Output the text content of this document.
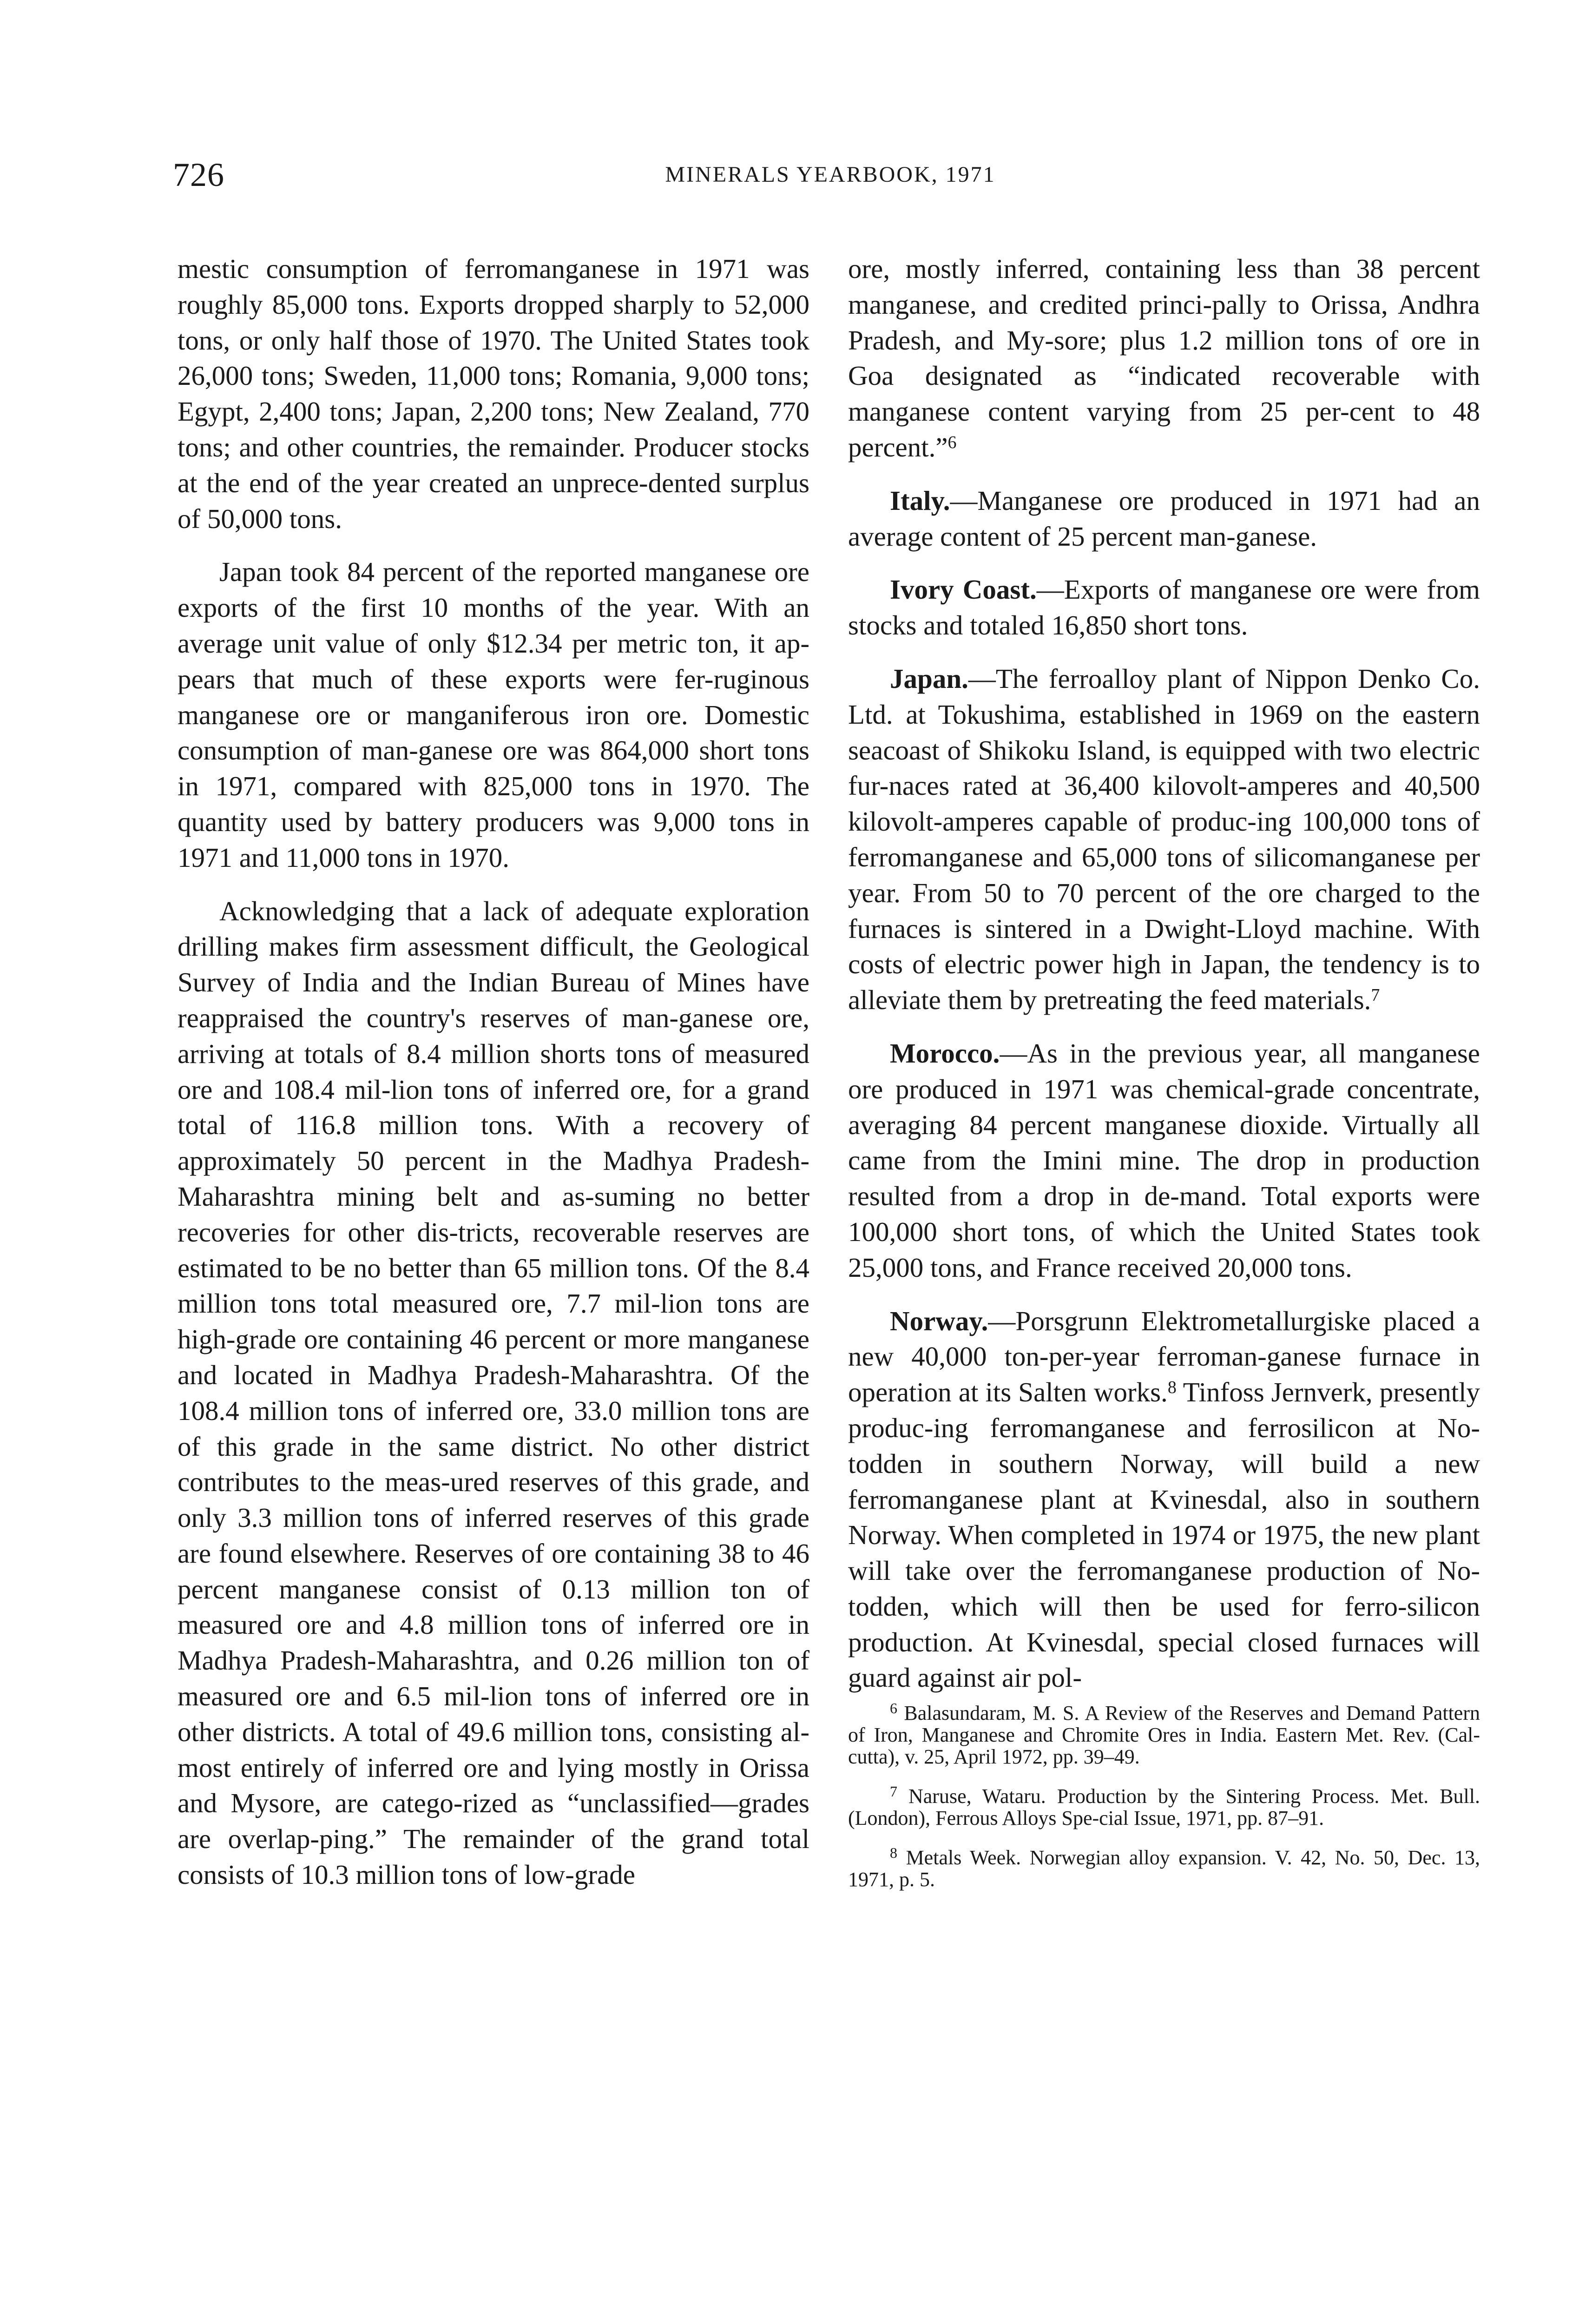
726	MINERALS YEARBOOK, 1971

mestic consumption of ferromanganese in 1971 was roughly 85,000 tons. Exports dropped sharply to 52,000 tons, or only half those of 1970. The United States took 26,000 tons; Sweden, 11,000 tons; Romania, 9,000 tons; Egypt, 2,400 tons; Japan, 2,200 tons; New Zealand, 770 tons; and other countries, the remainder. Producer stocks at the end of the year created an unprece-dented surplus of 50,000 tons.

Japan took 84 percent of the reported manganese ore exports of the first 10 months of the year. With an average unit value of only $12.34 per metric ton, it ap-pears that much of these exports were fer-ruginous manganese ore or manganiferous iron ore. Domestic consumption of man-ganese ore was 864,000 short tons in 1971, compared with 825,000 tons in 1970. The quantity used by battery producers was 9,000 tons in 1971 and 11,000 tons in 1970.

Acknowledging that a lack of adequate exploration drilling makes firm assessment difficult, the Geological Survey of India and the Indian Bureau of Mines have reappraised the country's reserves of man-ganese ore, arriving at totals of 8.4 million shorts tons of measured ore and 108.4 mil-lion tons of inferred ore, for a grand total of 116.8 million tons. With a recovery of approximately 50 percent in the Madhya Pradesh-Maharashtra mining belt and as-suming no better recoveries for other dis-tricts, recoverable reserves are estimated to be no better than 65 million tons. Of the 8.4 million tons total measured ore, 7.7 mil-lion tons are high-grade ore containing 46 percent or more manganese and located in Madhya Pradesh-Maharashtra. Of the 108.4 million tons of inferred ore, 33.0 million tons are of this grade in the same district. No other district contributes to the meas-ured reserves of this grade, and only 3.3 million tons of inferred reserves of this grade are found elsewhere. Reserves of ore containing 38 to 46 percent manganese consist of 0.13 million ton of measured ore and 4.8 million tons of inferred ore in Madhya Pradesh-Maharashtra, and 0.26 million ton of measured ore and 6.5 mil-lion tons of inferred ore in other districts. A total of 49.6 million tons, consisting al-most entirely of inferred ore and lying mostly in Orissa and Mysore, are catego-rized as “unclassified—grades are overlap-ping.” The remainder of the grand total consists of 10.3 million tons of low-grade

ore, mostly inferred, containing less than 38 percent manganese, and credited princi-pally to Orissa, Andhra Pradesh, and My-sore; plus 1.2 million tons of ore in Goa designated as “indicated recoverable with manganese content varying from 25 per-cent to 48 percent.”$^6$

Italy.—Manganese ore produced in 1971 had an average content of 25 percent man-ganese.

Ivory Coast.—Exports of manganese ore were from stocks and totaled 16,850 short tons.

Japan.—The ferroalloy plant of Nippon Denko Co. Ltd. at Tokushima, established in 1969 on the eastern seacoast of Shikoku Island, is equipped with two electric fur-naces rated at 36,400 kilovolt-amperes and 40,500 kilovolt-amperes capable of produc-ing 100,000 tons of ferromanganese and 65,000 tons of silicomanganese per year. From 50 to 70 percent of the ore charged to the furnaces is sintered in a Dwight-Lloyd machine. With costs of electric power high in Japan, the tendency is to alleviate them by pretreating the feed materials.$^7$

Morocco.—As in the previous year, all manganese ore produced in 1971 was chemical-grade concentrate, averaging 84 percent manganese dioxide. Virtually all came from the Imini mine. The drop in production resulted from a drop in de-mand. Total exports were 100,000 short tons, of which the United States took 25,000 tons, and France received 20,000 tons.

Norway.—Porsgrunn Elektrometallurgiske placed a new 40,000 ton-per-year ferroman-ganese furnace in operation at its Salten works.$^8$ Tinfoss Jernverk, presently produc-ing ferromanganese and ferrosilicon at No-todden in southern Norway, will build a new ferromanganese plant at Kvinesdal, also in southern Norway. When completed in 1974 or 1975, the new plant will take over the ferromanganese production of No-todden, which will then be used for ferro-silicon production. At Kvinesdal, special closed furnaces will guard against air pol-

$^6$ Balasundaram, M. S. A Review of the Reserves and Demand Pattern of Iron, Manganese and Chromite Ores in India. Eastern Met. Rev. (Cal-cutta), v. 25, April 1972, pp. 39–49.

$^7$ Naruse, Wataru. Production by the Sintering Process. Met. Bull. (London), Ferrous Alloys Spe-cial Issue, 1971, pp. 87–91.

$^8$ Metals Week. Norwegian alloy expansion. V. 42, No. 50, Dec. 13, 1971, p. 5.
